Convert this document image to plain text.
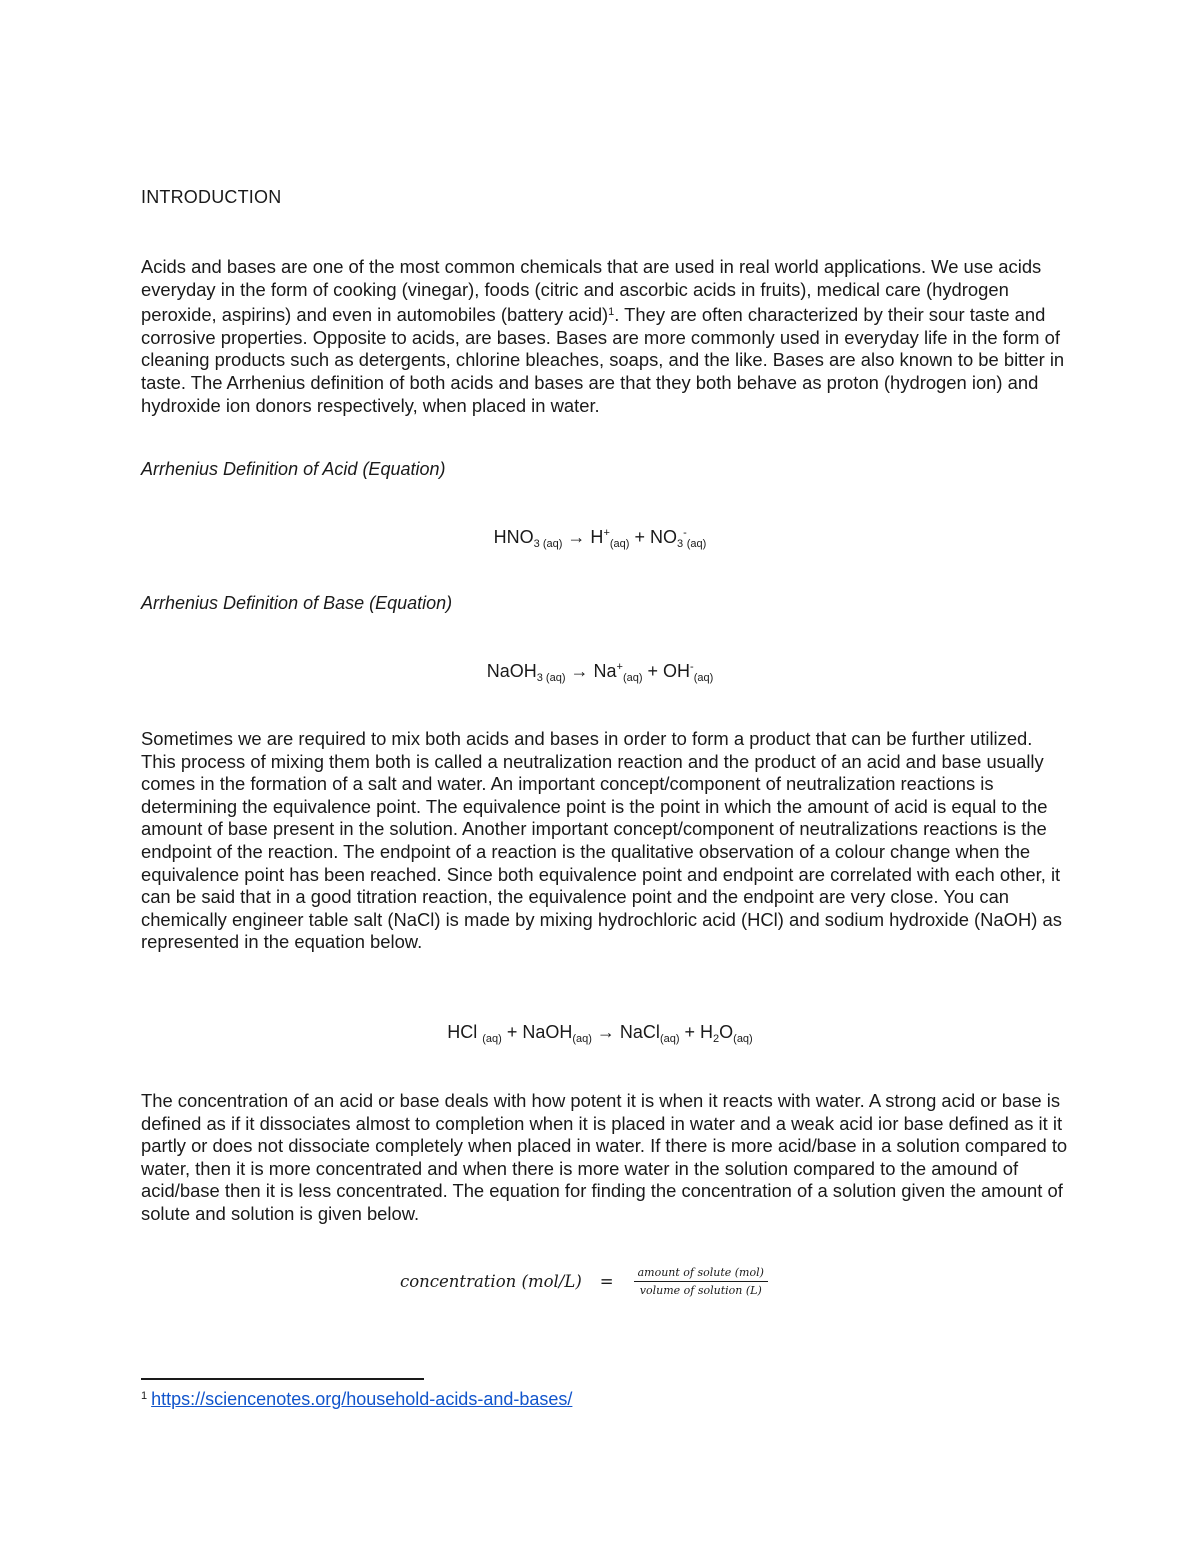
INTRODUCTION

Acids and bases are one of the most common chemicals that are used in real world applications. We use acids everyday in the form of cooking (vinegar), foods (citric and ascorbic acids in fruits), medical care (hydrogen peroxide, aspirins) and even in automobiles (battery acid)$^1$. They are often characterized by their sour taste and corrosive properties. Opposite to acids, are bases. Bases are more commonly used in everyday life in the form of cleaning products such as detergents, chlorine bleaches, soaps, and the like. Bases are also known to be bitter in taste. The Arrhenius definition of both acids and bases are that they both behave as proton (hydrogen ion) and hydroxide ion donors respectively, when placed in water.

Arrhenius Definition of Acid (Equation)
$HNO_{3 (aq)} \to H^+_{(aq)} + NO_3^-_{(aq)}$
Arrhenius Definition of Base (Equation)
NaOH$_{3 (aq)}$ → $Na^+_{(aq)} + OH^-_{(aq)}$

Sometimes we are required to mix both acids and bases in order to form a product that can be further utilized. This process of mixing them both is called a neutralization reaction and the product of an acid and base usually comes in the formation of a salt and water. An important concept/component of neutralization reactions is determining the equivalence point. The equivalence point is the point in which the amount of acid is equal to the amount of base present in the solution. Another important concept/component of neutralizations reactions is the endpoint of the reaction. The endpoint of a reaction is the qualitative observation of a colour change when the equivalence point has been reached. Since both equivalence point and endpoint are correlated with each other, it can be said that in a good titration reaction, the equivalence point and the endpoint are very close. You can chemically engineer table salt (NaCl) is made by mixing hydrochloric acid (HCl) and sodium hydroxide (NaOH) as represented in the equation below.

HCl $_{(aq)}$ + NaOH$_{(aq)}$ → NaCl$_{(aq)}$ + $H_2O_{(aq)}$

The concentration of an acid or base deals with how potent it is when it reacts with water. A strong acid or base is defined as if it dissociates almost to completion when it is placed in water and a weak acid ior base defined as it it partly or does not dissociate completely when placed in water. If there is more acid/base in a solution compared to water, then it is more concentrated and when there is more water in the solution compared to the amound of acid/base then it is less concentrated. The equation for finding the concentration of a solution given the amount of solute and solution is given below.

concentration $(mol/L) = \frac{\text{amount of solute (mol)}}{\text{volume of solution (L)}}$
$^1$ https://sciencenotes.org/household-acids-and-bases/
